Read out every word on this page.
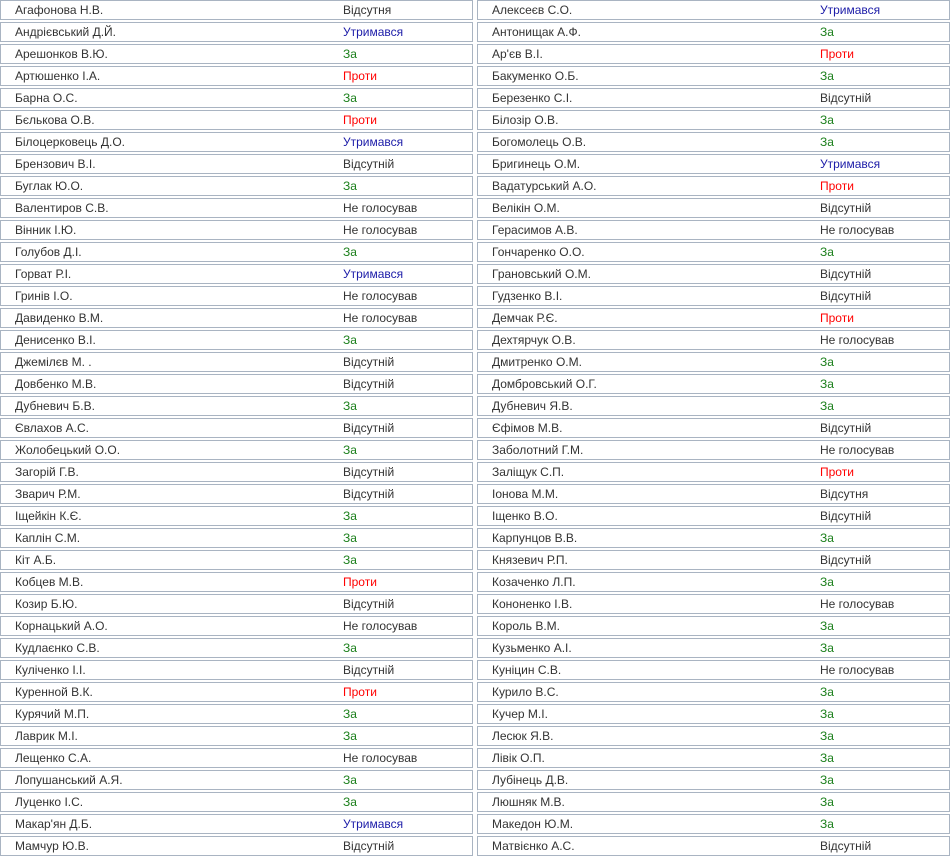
Агафонова Н.В.	Відсутня
Андрієвський Д.Й.	Утримався
Арешонков В.Ю.	За
Артюшенко І.А.	Проти
Барна О.С.	За
Бєлькова О.В.	Проти
Білоцерковець Д.О.	Утримався
Брензович В.І.	Відсутній
Буглак Ю.О.	За
Валентиров С.В.	Не голосував
Вінник І.Ю.	Не голосував
Голубов Д.І.	За
Горват Р.І.	Утримався
Гринів І.О.	Не голосував
Давиденко В.М.	Не голосував
Денисенко В.І.	За
Джемілєв М. .	Відсутній
Довбенко М.В.	Відсутній
Дубневич Б.В.	За
Євлахов А.С.	Відсутній
Жолобецький О.О.	За
Загорій Г.В.	Відсутній
Зварич Р.М.	Відсутній
Іщейкін К.Є.	За
Каплін С.М.	За
Кіт А.Б.	За
Кобцев М.В.	Проти
Козир Б.Ю.	Відсутній
Корнацький А.О.	Не голосував
Кудлаєнко С.В.	За
Куліченко І.І.	Відсутній
Куренной В.К.	Проти
Курячий М.П.	За
Лаврик М.І.	За
Лещенко С.А.	Не голосував
Лопушанський А.Я.	За
Луценко І.С.	За
Макар'ян Д.Б.	Утримався
Мамчур Ю.В.	Відсутній
Алексеєв С.О.	Утримався
Антонищак А.Ф.	За
Ар'єв В.І.	Проти
Бакуменко О.Б.	За
Березенко С.І.	Відсутній
Білозір О.В.	За
Богомолець О.В.	За
Бригинець О.М.	Утримався
Вадатурський А.О.	Проти
Велікін О.М.	Відсутній
Герасимов А.В.	Не голосував
Гончаренко О.О.	За
Грановський О.М.	Відсутній
Гудзенко В.І.	Відсутній
Демчак Р.Є.	Проти
Дехтярчук О.В.	Не голосував
Дмитренко О.М.	За
Домбровський О.Г.	За
Дубневич Я.В.	За
Єфімов М.В.	Відсутній
Заболотний Г.М.	Не голосував
Заліщук С.П.	Проти
Іонова М.М.	Відсутня
Іщенко В.О.	Відсутній
Карпунцов В.В.	За
Князевич Р.П.	Відсутній
Козаченко Л.П.	За
Кононенко І.В.	Не голосував
Король В.М.	За
Кузьменко А.І.	За
Куніцин С.В.	Не голосував
Курило В.С.	За
Кучер М.І.	За
Лесюк Я.В.	За
Лівік О.П.	За
Лубінець Д.В.	За
Люшняк М.В.	За
Македон Ю.М.	За
Матвієнко А.С.	Відсутній
